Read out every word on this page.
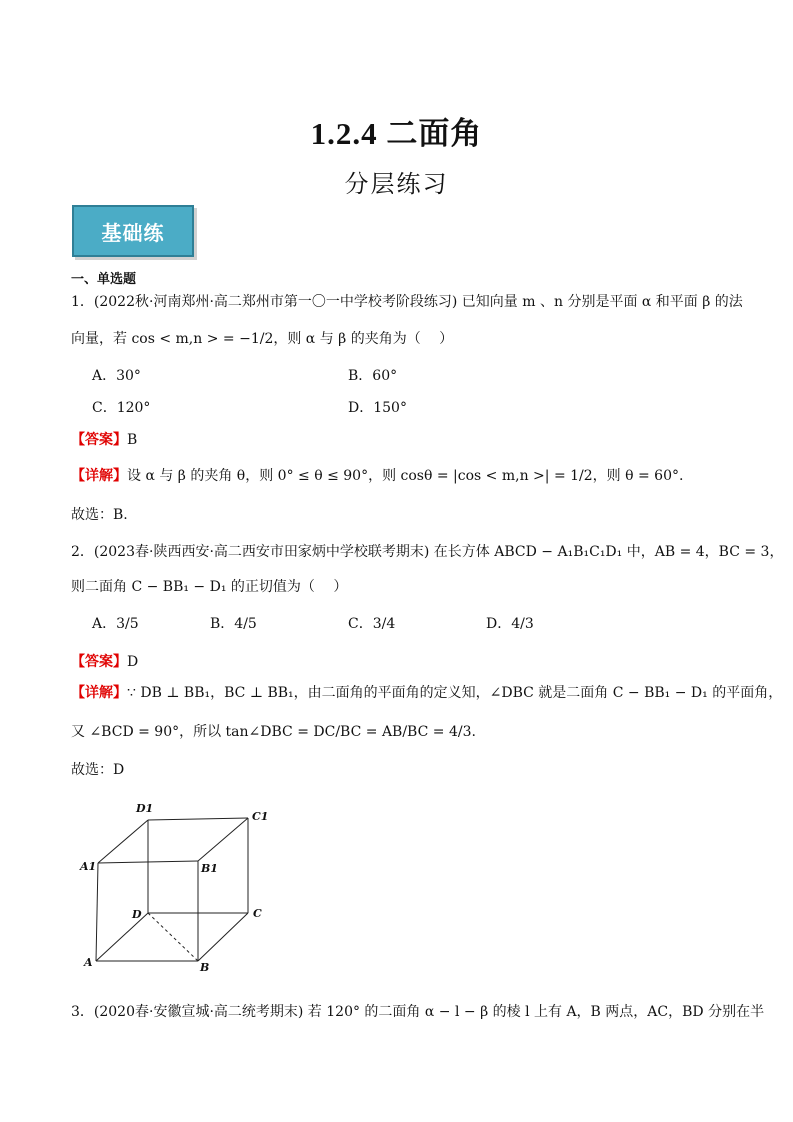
1.2.4 二面角
分层练习
基础练
一、单选题
1．(2022秋·河南郑州·高二郑州市第一〇一中学校考阶段练习) 已知向量 m 、n 分别是平面 α 和平面 β 的法
向量，若 cos < m,n > = −1/2，则 α 与 β 的夹角为（　 ）
A．30°	B．60°
C．120°	D．150°
【答案】B
【详解】设 α 与 β 的夹角 θ，则 0° ≤ θ ≤ 90°，则 cosθ = |cos < m,n >| = 1/2，则 θ = 60°.
故选：B.
2．(2023春·陕西西安·高二西安市田家炳中学校联考期末) 在长方体 ABCD − A₁B₁C₁D₁ 中，AB = 4，BC = 3，
则二面角 C − BB₁ − D₁ 的正切值为（　 ）
A．3/5	B．4/5	C．3/4	D．4/3
【答案】D
【详解】∵ DB ⊥ BB₁，BC ⊥ BB₁，由二面角的平面角的定义知，∠DBC 就是二面角 C − BB₁ − D₁ 的平面角，
又 ∠BCD = 90°，所以 tan∠DBC = DC/BC = AB/BC = 4/3.
故选：D
D1
C1
A1	B1
D	C
A	B
3．(2020春·安徽宣城·高二统考期末) 若 120° 的二面角 α − l − β 的棱 l 上有 A，B 两点，AC，BD 分别在半
